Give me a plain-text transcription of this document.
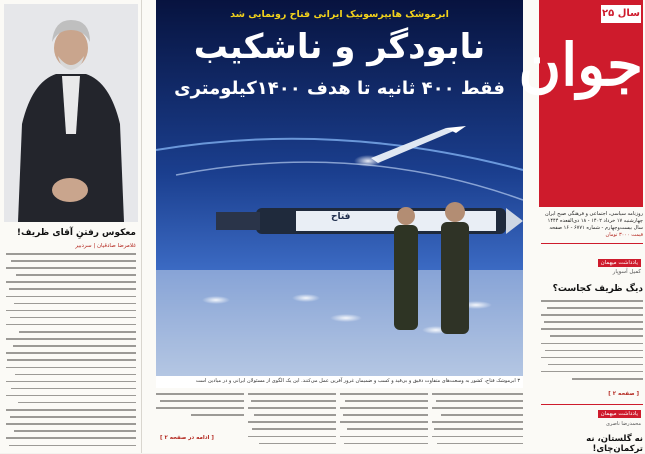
معکوس رفتنِ آقای ظریف!
غلامرضا صادقیان | سردبیر
ابرموشک هایپرسونیک ایرانی فتاح رونمایی شد
نابودگر و ناشکیب
فقط ۴۰۰ ثانیه تا هدف ۱۴۰۰کیلومتری
فتاح
۳ ابرموشک فتاح، کشور به وسعت‌های متفاوت دقیق و بی‌قید و کسب و ضمیمان‌ غرور آفرین عمل می‌کنند. این یک الگوی از مسئولان ایرانی و در میادین است
[ ادامه در صفحه ۲ ]
جوان
۲۵ سال
روزنامه سیاسی، اجتماعی و فرهنگی صبح ایران
چهارشنبه ۱۷ خرداد ۱۴۰۲ - ۱۸ ذی‌القعده ۱۴۴۴
سال بیست‌وچهارم - شماره ۶۷۷۱ - ۱۶ صفحه
قیمت ۳۰۰۰ تومان
یادداشت میهمان
کمیل آسوپار
دیگ ظریف کجاست؟
[ صفحه ۲ ]
یادداشت میهمان
محمدرضا ناصری
نه گلستان، نه ترکمان‌چای!
